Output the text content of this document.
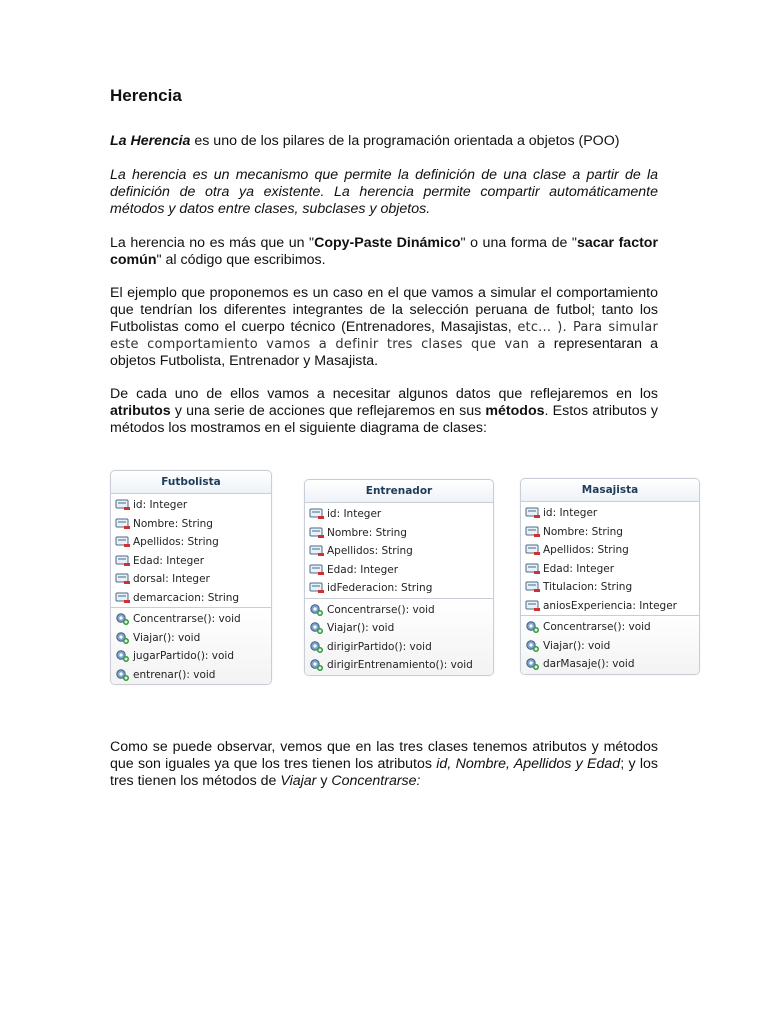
Herencia

La Herencia es uno de los pilares de la programación orientada a objetos (POO)

La herencia es un mecanismo que permite la definición de una clase a partir de la definición de otra ya existente. La herencia permite compartir automáticamente métodos y datos entre clases, subclases y objetos.

La herencia no es más que un "Copy-Paste Dinámico" o una forma de "sacar factor común" al código que escribimos.

El ejemplo que proponemos es un caso en el que vamos a simular el comportamiento que tendrían los diferentes integrantes de la selección peruana de futbol; tanto los Futbolistas como el cuerpo técnico (Entrenadores, Masajistas, etc... ). Para simular este comportamiento vamos a definir tres clases que van a representaran a objetos Futbolista, Entrenador y Masajista.

De cada uno de ellos vamos a necesitar algunos datos que reflejaremos en los atributos y una serie de acciones que reflejaremos en sus métodos. Estos atributos y métodos los mostramos en el siguiente diagrama de clases:

Futbolista
id: Integer
Nombre: String
Apellidos: String
Edad: Integer
dorsal: Integer
demarcacion: String
Concentrarse(): void
Viajar(): void
jugarPartido(): void
entrenar(): void
Entrenador
id: Integer
Nombre: String
Apellidos: String
Edad: Integer
idFederacion: String
Concentrarse(): void
Viajar(): void
dirigirPartido(): void
dirigirEntrenamiento(): void
Masajista
id: Integer
Nombre: String
Apellidos: String
Edad: Integer
Titulacion: String
aniosExperiencia: Integer
Concentrarse(): void
Viajar(): void
darMasaje(): void

Como se puede observar, vemos que en las tres clases tenemos atributos y métodos que son iguales ya que los tres tienen los atributos id, Nombre, Apellidos y Edad; y los tres tienen los métodos de Viajar y Concentrarse:
